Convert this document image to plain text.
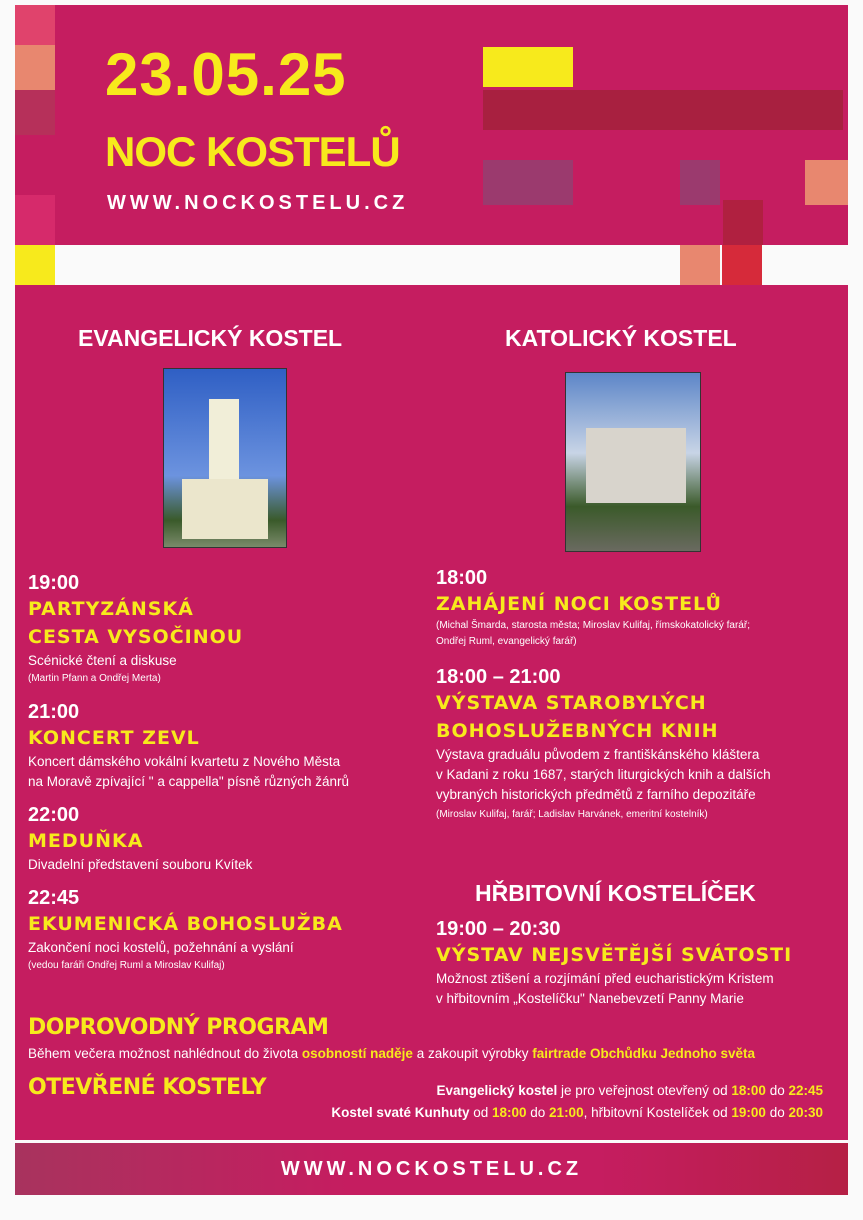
23.05.25
NOC KOSTELŮ
WWW.NOCKOSTELU.CZ
EVANGELICKÝ KOSTEL	KATOLICKÝ KOSTEL
19:00
PARTYZÁNSKÁ
CESTA VYSOČINOU
Scénické čtení a diskuse
(Martin Pfann a Ondřej Merta)
21:00
KONCERT ZEVL
Koncert dámského vokální kvartetu z Nového Města
na Moravě zpívající " a cappella" písně různých žánrů
22:00
MEDUŇKA
Divadelní představení souboru Kvítek
22:45
EKUMENICKÁ BOHOSLUŽBA
Zakončení noci kostelů, požehnání a vyslání
(vedou faráři Ondřej Ruml a Miroslav Kulifaj)
18:00
ZAHÁJENÍ NOCI KOSTELŮ
(Michal Šmarda, starosta města; Miroslav Kulifaj, římskokatolický farář;
Ondřej Ruml, evangelický farář)
18:00 – 21:00
VÝSTAVA STAROBYLÝCH
BOHOSLUŽEBNÝCH KNIH
Výstava graduálu původem z františkánského kláštera
v Kadani z roku 1687, starých liturgických knih a dalších
vybraných historických předmětů z farního depozitáře
(Miroslav Kulifaj, farář; Ladislav Harvánek, emeritní kostelník)
HŘBITOVNÍ KOSTELÍČEK
19:00 – 20:30
VÝSTAV NEJSVĚTĚJŠÍ SVÁTOSTI
Možnost ztišení a rozjímání před eucharistickým Kristem
v hřbitovním „Kostelíčku" Nanebevzetí Panny Marie
DOPROVODNÝ PROGRAM
Během večera možnost nahlédnout do života osobností naděje a zakoupit výrobky fairtrade Obchůdku Jednoho světa
OTEVŘENÉ KOSTELY	Evangelický kostel je pro veřejnost otevřený od 18:00 do 22:45
Kostel svaté Kunhuty od 18:00 do 21:00, hřbitovní Kostelíček od 19:00 do 20:30
WWW.NOCKOSTELU.CZ
